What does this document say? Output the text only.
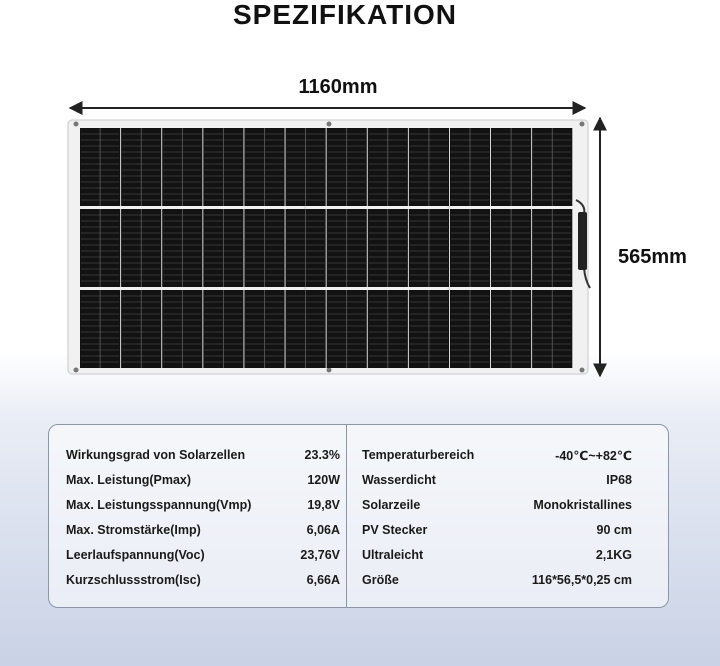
SPEZIFIKATION
1160mm
565mm
Wirkungsgrad von Solarzellen	23.3%
Max. Leistung(Pmax)	120W
Max. Leistungsspannung(Vmp)	19,8V
Max. Stromstärke(Imp)	6,06A
Leerlaufspannung(Voc)	23,76V
Kurzschlussstrom(Isc)	6,66A
Temperaturbereich	-40℃~+82℃
Wasserdicht	IP68
Solarzeile	Monokristallines
PV Stecker	90 cm
Ultraleicht	2,1KG
Größe	116*56,5*0,25 cm
